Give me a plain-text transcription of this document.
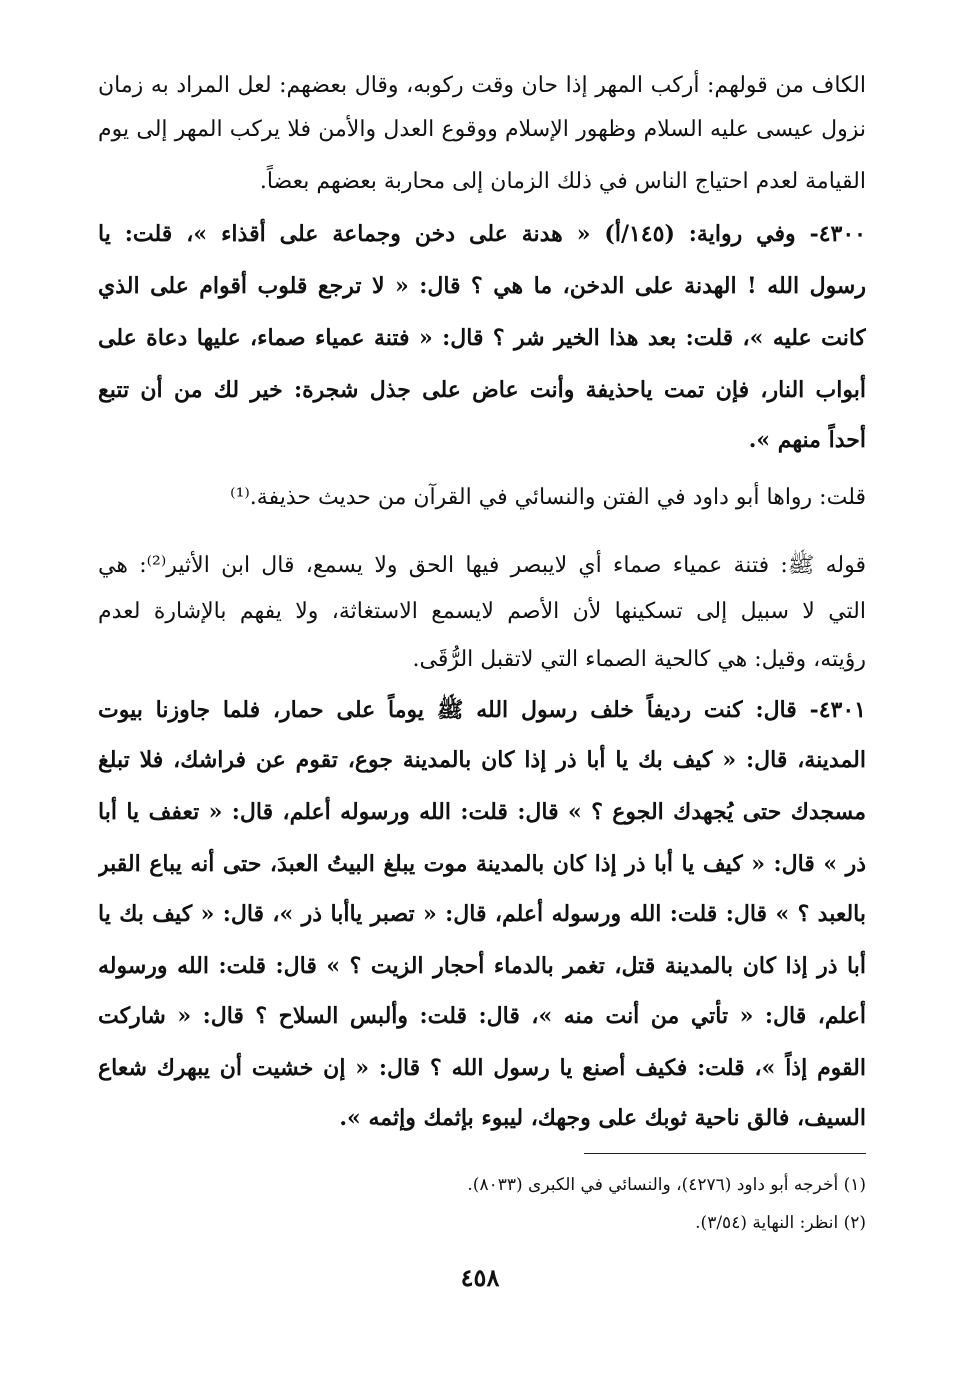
الكاف من قولهم: أركب المهر إذا حان وقت ركوبه، وقال بعضهم: لعل المراد به زمان
نزول عيسى عليه السلام وظهور الإسلام ووقوع العدل والأمن فلا يركب المهر إلى يوم
القيامة لعدم احتياج الناس في ذلك الزمان إلى محاربة بعضهم بعضاً.
٤٣٠٠- وفي رواية: (١٤٥/أ) « هدنة على دخن وجماعة على أقذاء »، قلت: يا
رسول الله ! الهدنة على الدخن، ما هي ؟ قال: « لا ترجع قلوب أقوام على الذي
كانت عليه »، قلت: بعد هذا الخير شر ؟ قال: « فتنة عمياء صماء، عليها دعاة على
أبواب النار، فإن تمت ياحذيفة وأنت عاض على جذل شجرة: خير لك من أن تتبع
أحداً منهم ».
قلت: رواها أبو داود في الفتن والنسائي في القرآن من حديث حذيفة.⁽¹⁾
قوله ﷺ: فتنة عمياء صماء أي لايبصر فيها الحق ولا يسمع، قال ابن الأثير⁽²⁾: هي
التي لا سبيل إلى تسكينها لأن الأصم لايسمع الاستغاثة، ولا يفهم بالإشارة لعدم
رؤيته، وقيل: هي كالحية الصماء التي لاتقبل الرُّقَى.
٤٣٠١- قال: كنت رديفاً خلف رسول الله ﷺ يوماً على حمار، فلما جاوزنا بيوت
المدينة، قال: « كيف بك يا أبا ذر إذا كان بالمدينة جوع، تقوم عن فراشك، فلا تبلغ
مسجدك حتى يُجهدك الجوع ؟ » قال: قلت: الله ورسوله أعلم، قال: « تعفف يا أبا
ذر » قال: « كيف يا أبا ذر إذا كان بالمدينة موت يبلغ البيتُ العبدَ، حتى أنه يباع القبر
بالعبد ؟ » قال: قلت: الله ورسوله أعلم، قال: « تصبر ياأبا ذر »، قال: « كيف بك يا
أبا ذر إذا كان بالمدينة قتل، تغمر بالدماء أحجار الزيت ؟ » قال: قلت: الله ورسوله
أعلم، قال: « تأتي من أنت منه »، قال: قلت: وألبس السلاح ؟ قال: « شاركت
القوم إذاً »، قلت: فكيف أصنع يا رسول الله ؟ قال: « إن خشيت أن يبهرك شعاع
السيف، فالق ناحية ثوبك على وجهك، ليبوء بإثمك وإثمه ».
(١) أخرجه أبو داود (٤٢٧٦)، والنسائي في الكبرى (٨٠٣٣).
(٢) انظر: النهاية (٣/٥٤).
٤٥٨
